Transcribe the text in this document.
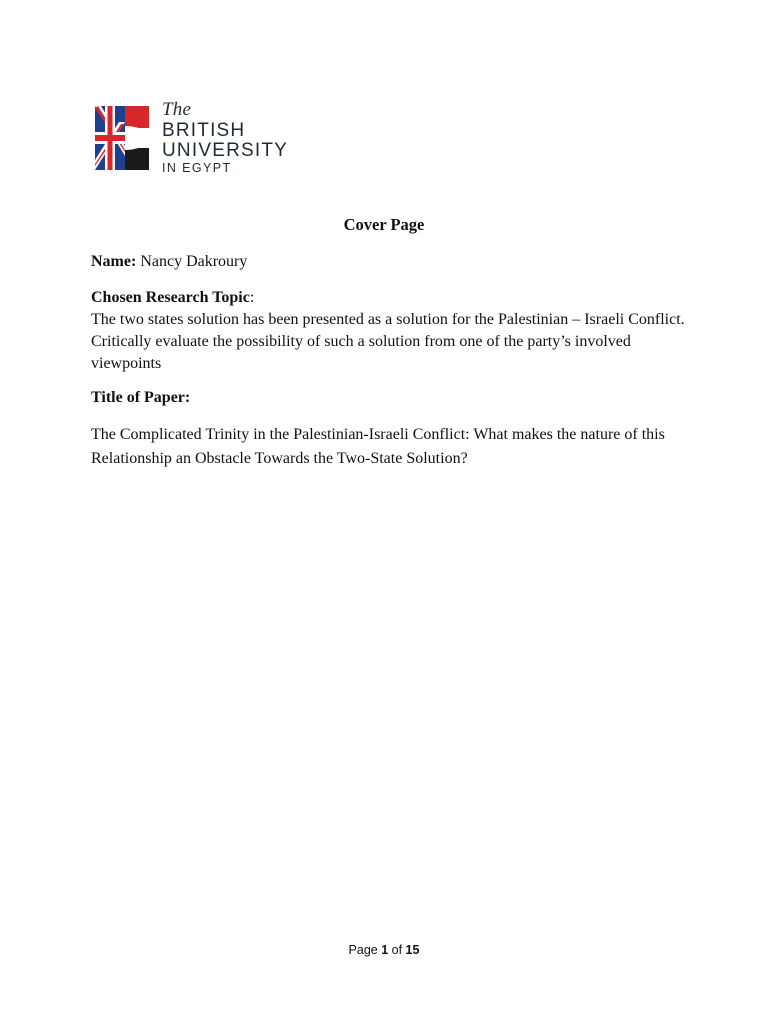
The
BRITISH
UNIVERSITY
IN EGYPT
Cover Page
Name: Nancy Dakroury
Chosen Research Topic:
The two states solution has been presented as a solution for the Palestinian – Israeli Conflict. Critically evaluate the possibility of such a solution from one of the party’s involved viewpoints
Title of Paper:
The Complicated Trinity in the Palestinian-Israeli Conflict: What makes the nature of this Relationship an Obstacle Towards the Two-State Solution?
Page 1 of 15
